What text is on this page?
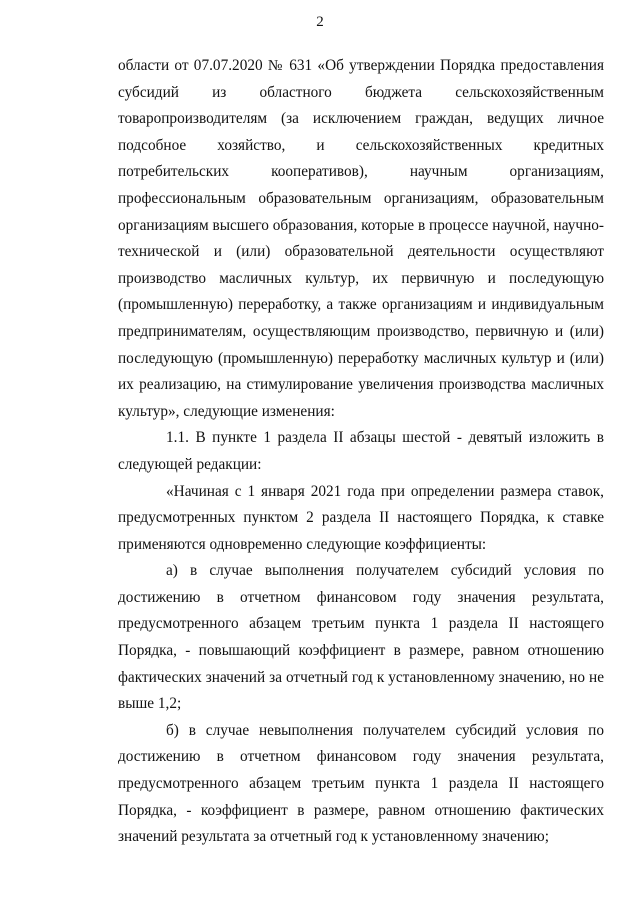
2

области от 07.07.2020 № 631 «Об утверждении Порядка предоставления субсидий из областного бюджета сельскохозяйственным товаропроизводителям (за исключением граждан, ведущих личное подсобное хозяйство, и сельскохозяйственных кредитных потребительских кооперативов), научным организациям, профессиональным образовательным организациям, образовательным организациям высшего образования, которые в процессе научной, научно-технической и (или) образовательной деятельности осуществляют производство масличных культур, их первичную и последующую (промышленную) переработку, а также организациям и индивидуальным предпринимателям, осуществляющим производство, первичную и (или) последующую (промышленную) переработку масличных культур и (или) их реализацию, на стимулирование увеличения производства масличных культур», следующие изменения:

1.1. В пункте 1 раздела II абзацы шестой - девятый изложить в следующей редакции:

«Начиная с 1 января 2021 года при определении размера ставок, предусмотренных пунктом 2 раздела II настоящего Порядка, к ставке применяются одновременно следующие коэффициенты:

а) в случае выполнения получателем субсидий условия по достижению в отчетном финансовом году значения результата, предусмотренного абзацем третьим пункта 1 раздела II настоящего Порядка, - повышающий коэффициент в размере, равном отношению фактических значений за отчетный год к установленному значению, но не выше 1,2;

б) в случае невыполнения получателем субсидий условия по достижению в отчетном финансовом году значения результата, предусмотренного абзацем третьим пункта 1 раздела II настоящего Порядка, - коэффициент в размере, равном отношению фактических значений результата за отчетный год к установленному значению;
